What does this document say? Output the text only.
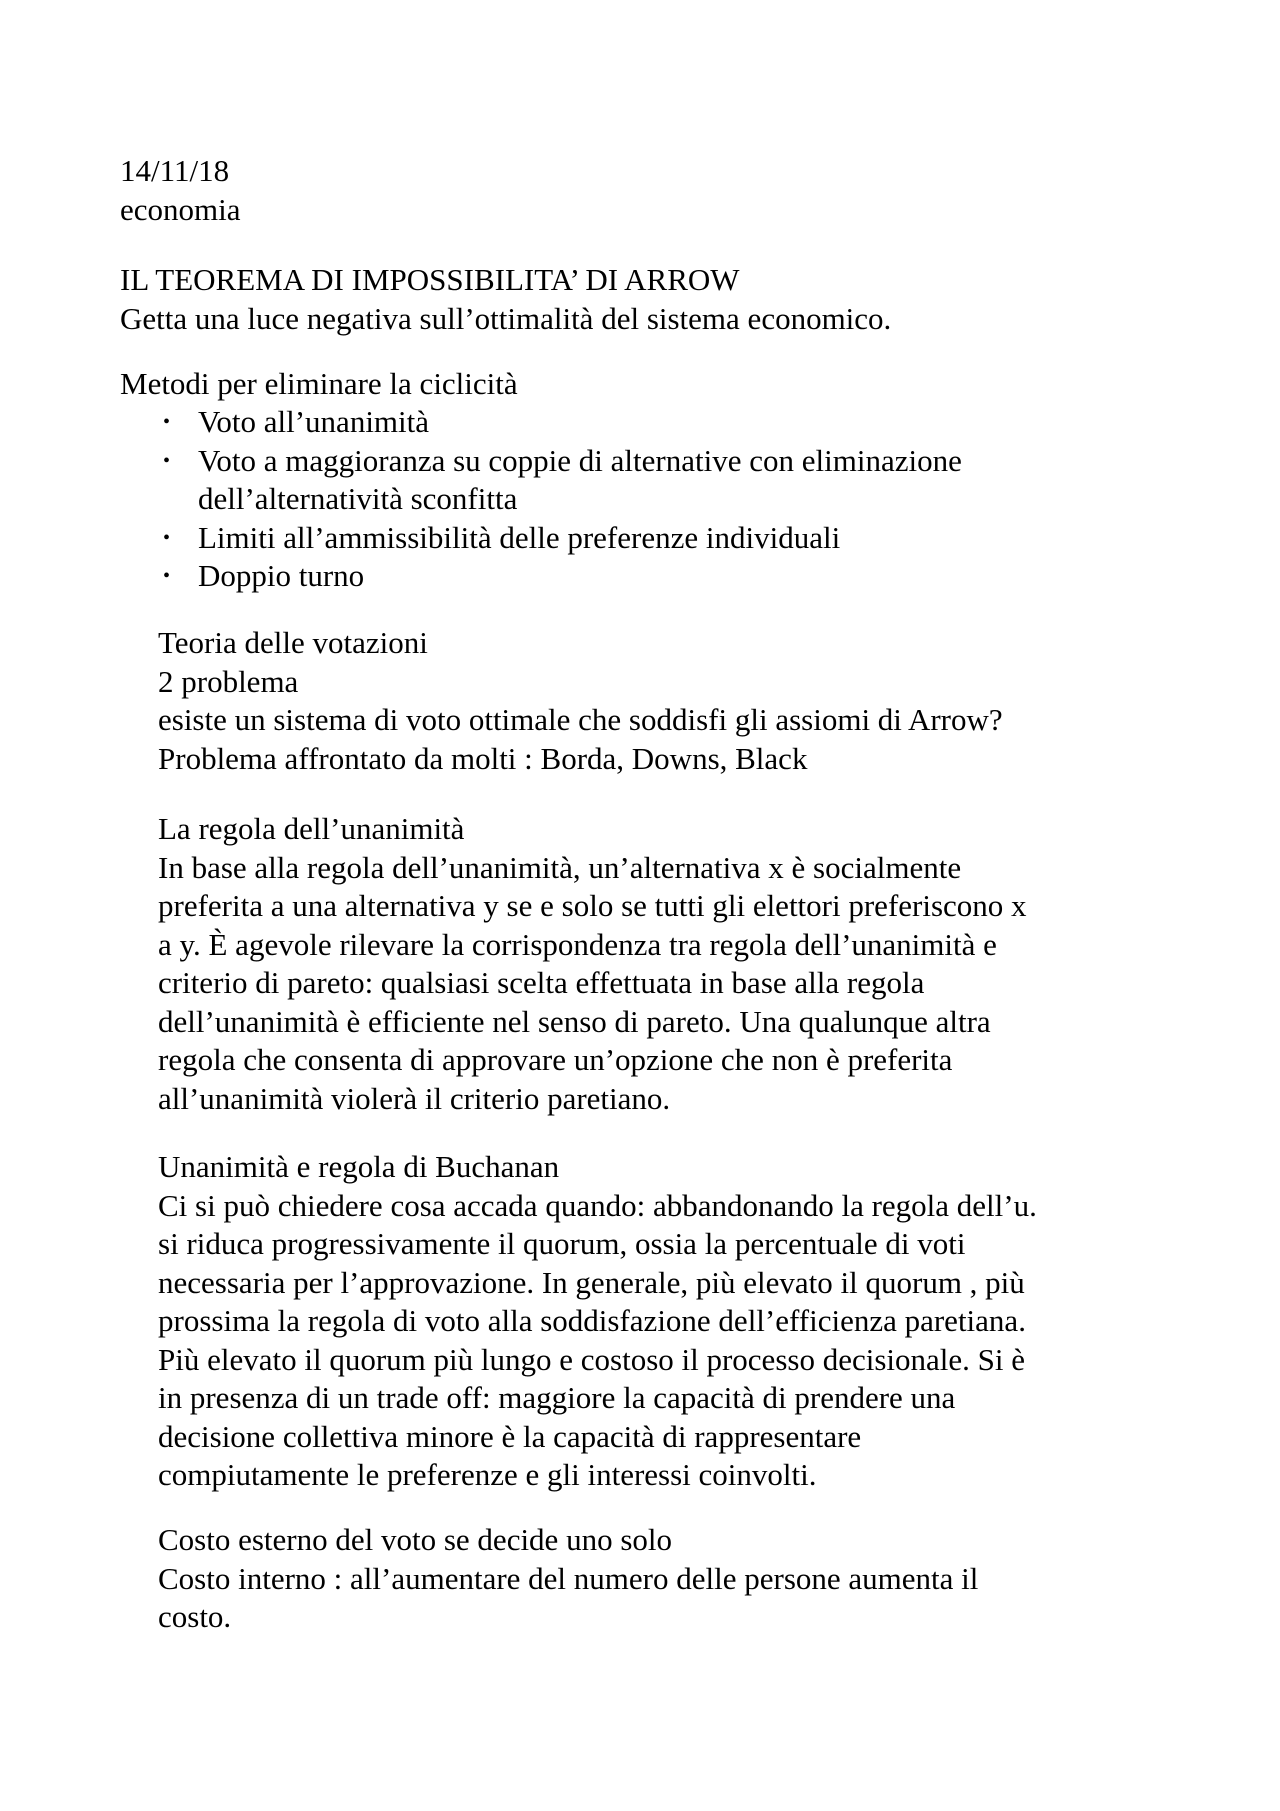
14/11/18
economia
IL TEOREMA DI IMPOSSIBILITA’ DI ARROW
Getta una luce negativa sull’ottimalità del sistema economico.
Metodi per eliminare la ciclicità
• Voto all’unanimità
• Voto a maggioranza su coppie di alternative con eliminazione
dell’alternatività sconfitta
• Limiti all’ammissibilità delle preferenze individuali
• Doppio turno
Teoria delle votazioni
2 problema
esiste un sistema di voto ottimale che soddisfi gli assiomi di Arrow?
Problema affrontato da molti : Borda, Downs, Black
La regola dell’unanimità
In base alla regola dell’unanimità, un’alternativa x è socialmente
preferita a una alternativa y se e solo se tutti gli elettori preferiscono x
a y. È agevole rilevare la corrispondenza tra regola dell’unanimità e
criterio di pareto: qualsiasi scelta effettuata in base alla regola
dell’unanimità è efficiente nel senso di pareto. Una qualunque altra
regola che consenta di approvare un’opzione che non è preferita
all’unanimità violerà il criterio paretiano.
Unanimità e regola di Buchanan
Ci si può chiedere cosa accada quando: abbandonando la regola dell’u.
si riduca progressivamente il quorum, ossia la percentuale di voti
necessaria per l’approvazione. In generale, più elevato il quorum , più
prossima la regola di voto alla soddisfazione dell’efficienza paretiana.
Più elevato il quorum più lungo e costoso il processo decisionale. Si è
in presenza di un trade off: maggiore la capacità di prendere una
decisione collettiva minore è la capacità di rappresentare
compiutamente le preferenze e gli interessi coinvolti.
Costo esterno del voto se decide uno solo
Costo interno : all’aumentare del numero delle persone aumenta il
costo.
